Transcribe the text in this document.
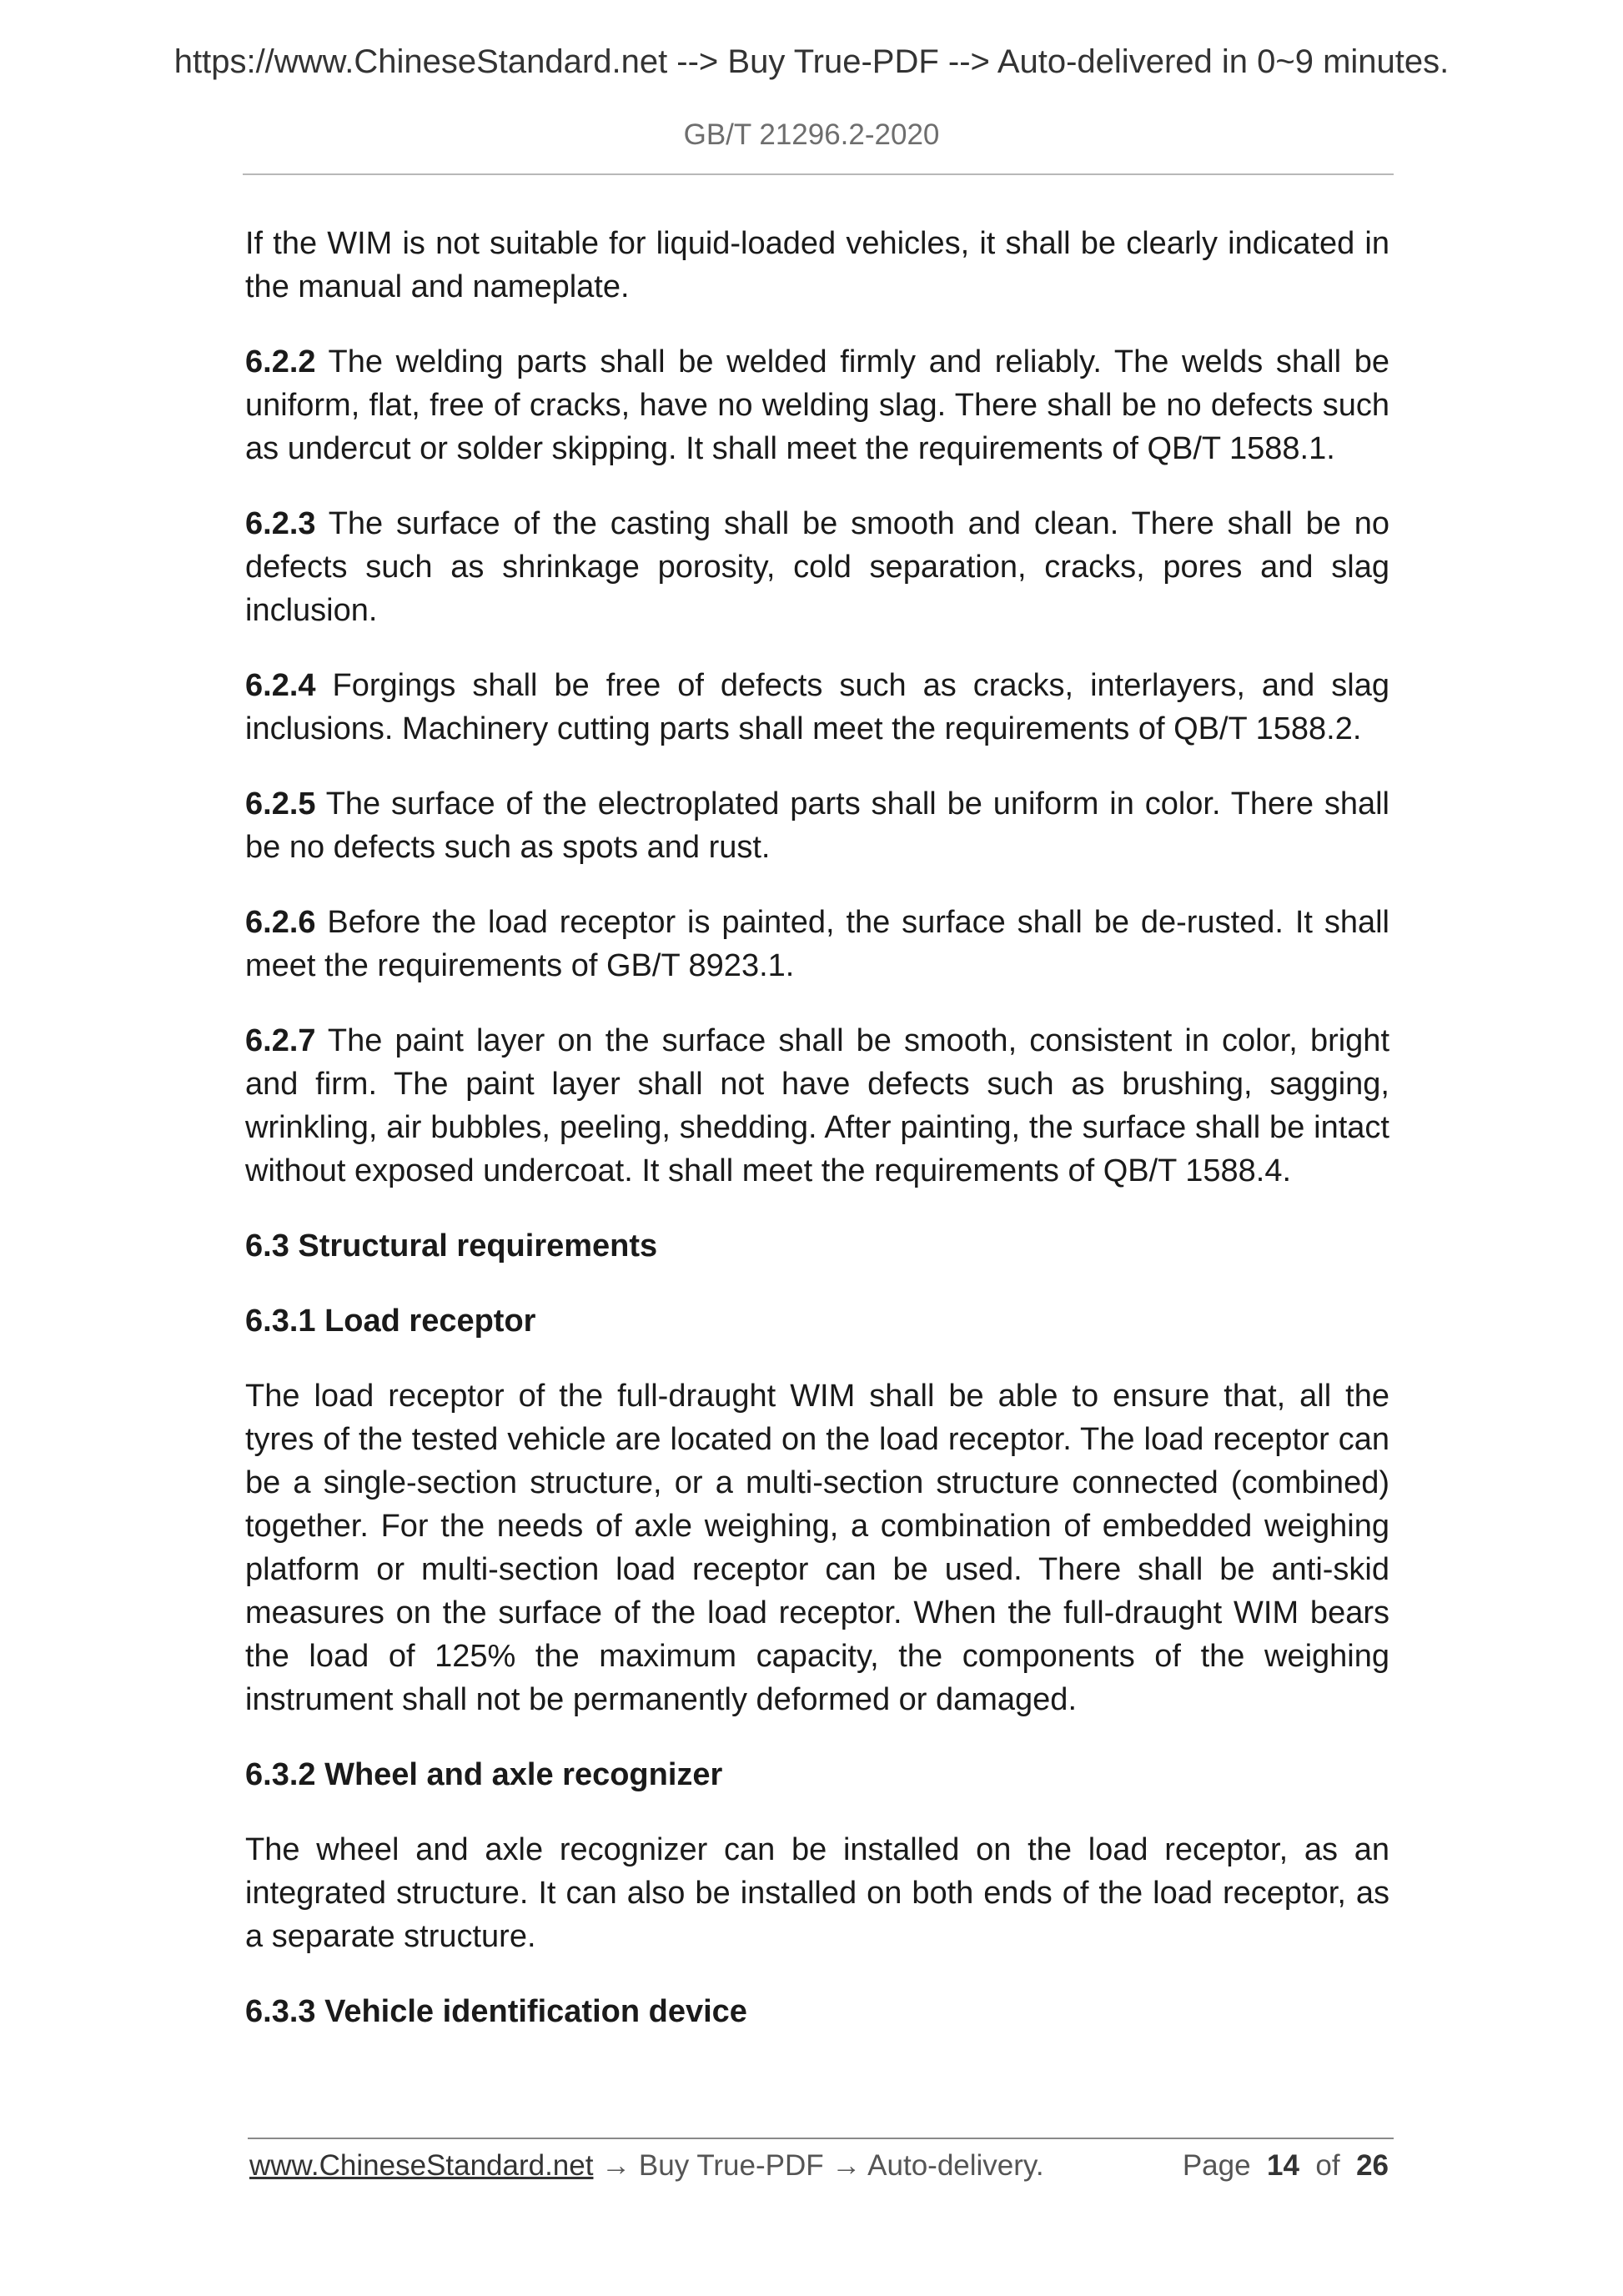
https://www.ChineseStandard.net --> Buy True-PDF --> Auto-delivered in 0~9 minutes.
GB/T 21296.2-2020

If the WIM is not suitable for liquid-loaded vehicles, it shall be clearly indicated in the manual and nameplate.

6.2.2 The welding parts shall be welded firmly and reliably. The welds shall be uniform, flat, free of cracks, have no welding slag. There shall be no defects such as undercut or solder skipping. It shall meet the requirements of QB/T 1588.1.

6.2.3 The surface of the casting shall be smooth and clean. There shall be no defects such as shrinkage porosity, cold separation, cracks, pores and slag inclusion.

6.2.4 Forgings shall be free of defects such as cracks, interlayers, and slag inclusions. Machinery cutting parts shall meet the requirements of QB/T 1588.2.

6.2.5 The surface of the electroplated parts shall be uniform in color. There shall be no defects such as spots and rust.

6.2.6 Before the load receptor is painted, the surface shall be de-rusted. It shall meet the requirements of GB/T 8923.1.

6.2.7 The paint layer on the surface shall be smooth, consistent in color, bright and firm. The paint layer shall not have defects such as brushing, sagging, wrinkling, air bubbles, peeling, shedding. After painting, the surface shall be intact without exposed undercoat. It shall meet the requirements of QB/T 1588.4.

6.3 Structural requirements
6.3.1 Load receptor

The load receptor of the full-draught WIM shall be able to ensure that, all the tyres of the tested vehicle are located on the load receptor. The load receptor can be a single-section structure, or a multi-section structure connected (combined) together. For the needs of axle weighing, a combination of embedded weighing platform or multi-section load receptor can be used. There shall be anti-skid measures on the surface of the load receptor. When the full-draught WIM bears the load of 125% the maximum capacity, the components of the weighing instrument shall not be permanently deformed or damaged.

6.3.2 Wheel and axle recognizer

The wheel and axle recognizer can be installed on the load receptor, as an integrated structure. It can also be installed on both ends of the load receptor, as a separate structure.

6.3.3 Vehicle identification device
www.ChineseStandard.net → Buy True-PDF → Auto-delivery.	Page 14 of 26
